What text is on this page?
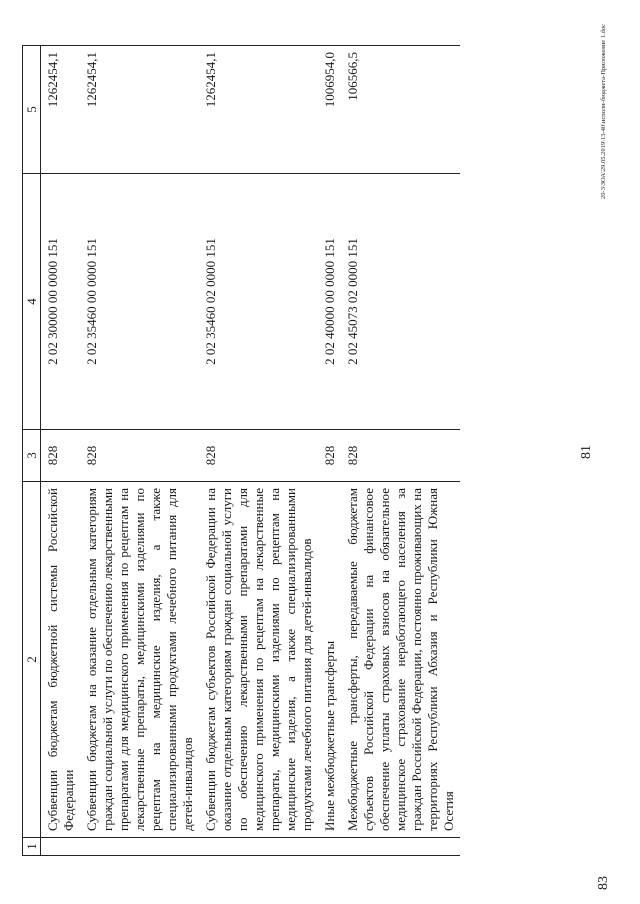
81
1	2	3	4	5
	Субвенции бюджетам бюджетной системы Российской Федерации	828	2 02 30000 00 0000 151	1262454,1
	Субвенции бюджетам на оказание отдельным категориям граждан социальной услуги по обеспечению лекарственными препаратами для медицинского применения по рецептам на лекарственные препараты, медицинскими изделиями по рецептам на медицинские изделия, а также специализированными продуктами лечебного питания для детей-инвалидов	828	2 02 35460 00 0000 151	1262454,1
	Субвенции бюджетам субъектов Российской Федерации на оказание отдельным категориям граждан социальной услуги по обеспечению лекарственными препаратами для медицинского применения по рецептам на лекарственные препараты, медицинскими изделиями по рецептам на медицинские изделия, а также специализированными продуктами лечебного питания для детей-инвалидов	828	2 02 35460 02 0000 151	1262454,1
	Иные межбюджетные трансферты	828	2 02 40000 00 0000 151	1006954,0
	Межбюджетные трансферты, передаваемые бюджетам субъектов Российской Федерации на финансовое обеспечение уплаты страховых взносов на обязательное медицинское страхование неработающего населения за граждан Российской Федерации, постоянно проживающих на территориях Республики Абхазия и Республики Южная Осетия	828	2 02 45073 02 0000 151	106566,5
83
20-3\ЗОА\29.05.2019\13-40\исполн-бюджета-Приложение 1.doc
